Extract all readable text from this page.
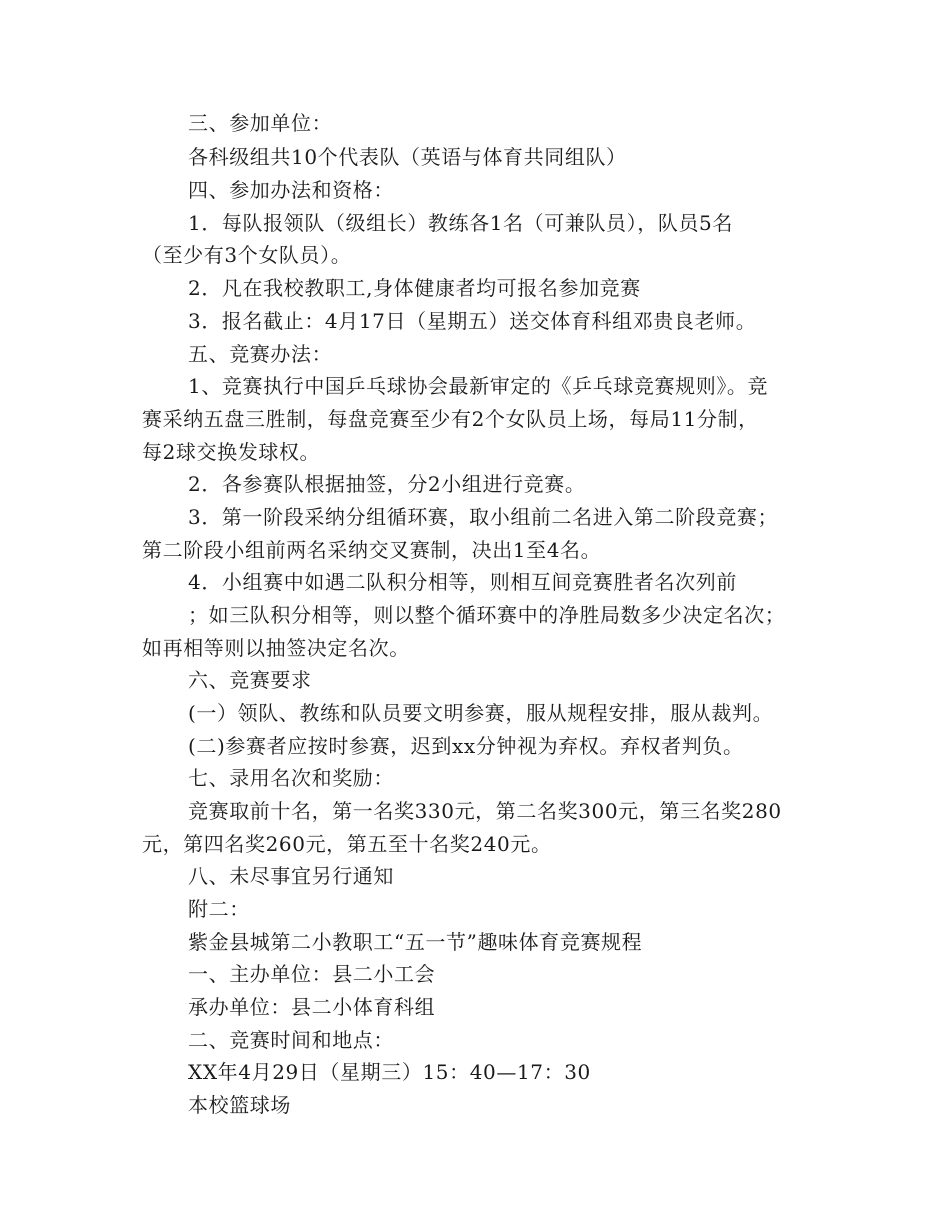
三、参加单位：

各科级组共10个代表队（英语与体育共同组队）

四、参加办法和资格：

1．每队报领队（级组长）教练各1名（可兼队员），队员5名

（至少有3个女队员）。

2．凡在我校教职工,身体健康者均可报名参加竞赛

3．报名截止：4月17日（星期五）送交体育科组邓贵良老师。

五、竞赛办法：

1、竞赛执行中国乒乓球协会最新审定的《乒乓球竞赛规则》。竞

赛采纳五盘三胜制，每盘竞赛至少有2个女队员上场，每局11分制，

每2球交换发球权。

2．各参赛队根据抽签，分2小组进行竞赛。

3．第一阶段采纳分组循环赛，取小组前二名进入第二阶段竞赛；

第二阶段小组前两名采纳交叉赛制，决出1至4名。

4．小组赛中如遇二队积分相等，则相互间竞赛胜者名次列前

；如三队积分相等，则以整个循环赛中的净胜局数多少决定名次；

如再相等则以抽签决定名次。

六、竞赛要求

(一）领队、教练和队员要文明参赛，服从规程安排，服从裁判。

(二)参赛者应按时参赛，迟到xx分钟视为弃权。弃权者判负。

七、录用名次和奖励：

竞赛取前十名，第一名奖330元，第二名奖300元，第三名奖280

元，第四名奖260元，第五至十名奖240元。

八、未尽事宜另行通知

附二：

紫金县城第二小教职工“五一节”趣味体育竞赛规程

一、主办单位：县二小工会

承办单位：县二小体育科组

二、竞赛时间和地点：

XX年4月29日（星期三）15：40—17：30

本校篮球场
